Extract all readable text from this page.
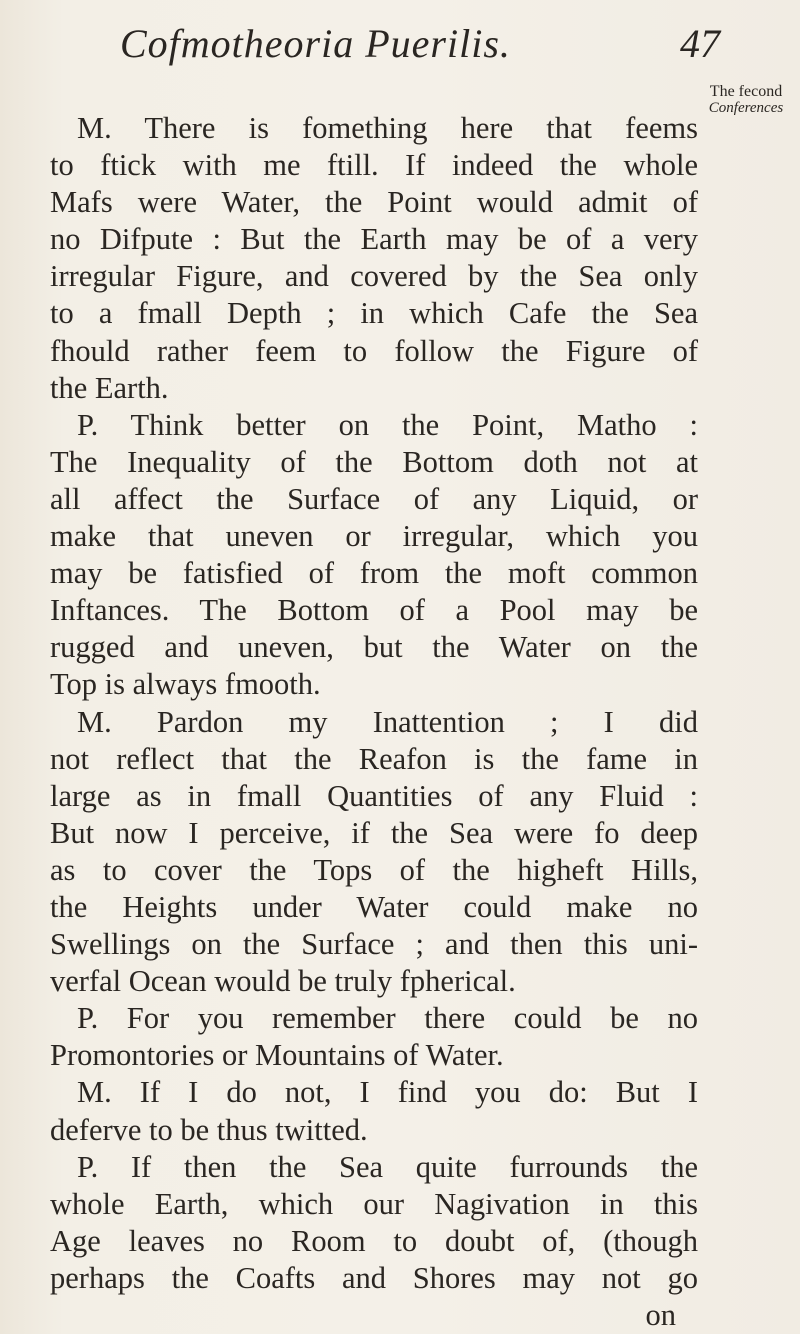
Cofmotheoria Puerilis.	47
The fecond
Conferences
M. There is fomething here that feems
to ftick with me ftill. If indeed the whole
Mafs were Water, the Point would admit of
no Difpute : But the Earth may be of a very
irregular Figure, and covered by the Sea only
to a fmall Depth ; in which Cafe the Sea
fhould rather feem to follow the Figure of
the Earth.
P. Think better on the Point, Matho :
The Inequality of the Bottom doth not at
all affect the Surface of any Liquid, or
make that uneven or irregular, which you
may be fatisfied of from the moft common
Inftances. The Bottom of a Pool may be
rugged and uneven, but the Water on the
Top is always fmooth.
M. Pardon my Inattention ; I did
not reflect that the Reafon is the fame in
large as in fmall Quantities of any Fluid :
But now I perceive, if the Sea were fo deep
as to cover the Tops of the higheft Hills,
the Heights under Water could make no
Swellings on the Surface ; and then this uni-
verfal Ocean would be truly fpherical.
P. For you remember there could be no
Promontories or Mountains of Water.
M. If I do not, I find you do: But I
deferve to be thus twitted.
P. If then the Sea quite furrounds the
whole Earth, which our Nagivation in this
Age leaves no Room to doubt of, (though
perhaps the Coafts and Shores may not go
on
